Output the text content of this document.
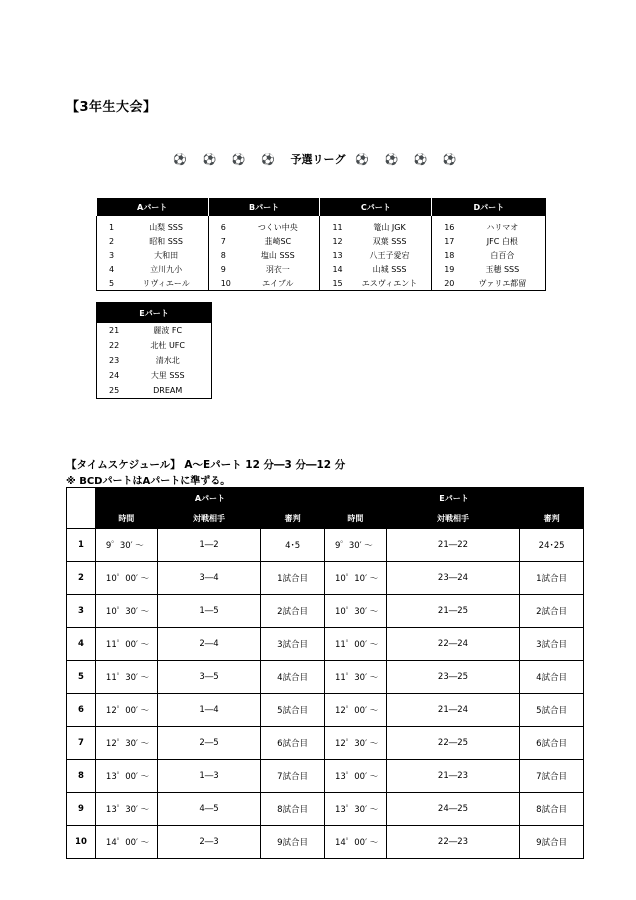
【3年生大会】
⚽ ⚽ ⚽ ⚽ 予選リーグ ⚽ ⚽ ⚽ ⚽
Aパート		Bパート		Cパート		Dパート	

1	山梨 SSS	6	つくい中央	11	篭山 JGK	16	ハリマオ
2	昭和 SSS	7	韮崎SC	12	双葉 SSS	17	JFC 白根
3	大和田	8	塩山 SSS	13	八王子愛宕	18	白百合
4	立川九小	9	羽衣一	14	山城 SSS	19	玉穂 SSS
5	リヴィエール	10	エイブル	15	エスヴィエント	20	ヴァリエ都留
Eパート	
21	麗波 FC
22	北杜 UFC
23	清水北
24	大里 SSS
25	DREAM
【タイムスケジュール】 A～Eパート 12 分―3 分―12 分
※ BCDパートはAパートに準ずる。
	Aパート			Eパート		
	時間	対戦相手	審判	時間	対戦相手	審判
1	9゜30′ ～	1―2	4･5	9゜30′ ～	21―22	24･25
2	10゜00′ ～	3―4	1試合目	10゜10′ ～	23―24	1試合目
3	10゜30′ ～	1―5	2試合目	10゜30′ ～	21―25	2試合目
4	11゜00′ ～	2―4	3試合目	11゜00′ ～	22―24	3試合目
5	11゜30′ ～	3―5	4試合目	11゜30′ ～	23―25	4試合目
6	12゜00′ ～	1―4	5試合目	12゜00′ ～	21―24	5試合目
7	12゜30′ ～	2―5	6試合目	12゜30′ ～	22―25	6試合目
8	13゜00′ ～	1―3	7試合目	13゜00′ ～	21―23	7試合目
9	13゜30′ ～	4―5	8試合目	13゜30′ ～	24―25	8試合目
10	14゜00′ ～	2―3	9試合目	14゜00′ ～	22―23	9試合目
